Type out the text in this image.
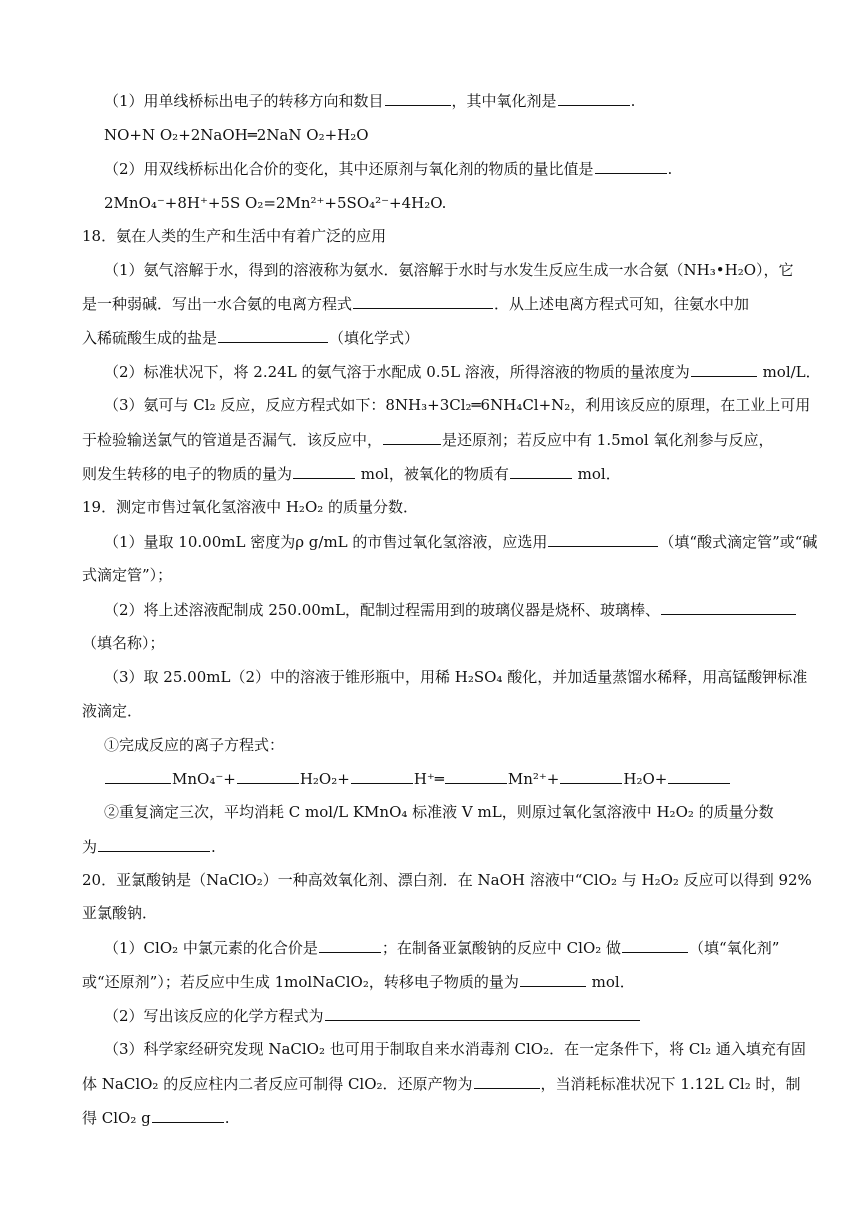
（1）用单线桥标出电子的转移方向和数目	，其中氧化剂是	.
NO+N O₂+2NaOH═2NaN O₂+H₂O
（2）用双线桥标出化合价的变化，其中还原剂与氧化剂的物质的量比值是	.
2MnO₄⁻+8H⁺+5S O₂=2Mn²⁺+5SO₄²⁻+4H₂O.
18．氨在人类的生产和生活中有着广泛的应用
（1）氨气溶解于水，得到的溶液称为氨水．氨溶解于水时与水发生反应生成一水合氨（NH₃•H₂O），它
是一种弱碱．写出一水合氨的电离方程式	．从上述电离方程式可知，往氨水中加
入稀硫酸生成的盐是	（填化学式）
（2）标准状况下，将 2.24L 的氨气溶于水配成 0.5L 溶液，所得溶液的物质的量浓度为	mol/L．
（3）氨可与 Cl₂ 反应，反应方程式如下：8NH₃+3Cl₂═6NH₄Cl+N₂，利用该反应的原理，在工业上可用
于检验输送氯气的管道是否漏气．该反应中，	是还原剂；若反应中有 1.5mol 氧化剂参与反应，
则发生转移的电子的物质的量为	mol，被氧化的物质有	mol．
19．测定市售过氧化氢溶液中 H₂O₂ 的质量分数．
（1）量取 10.00mL 密度为ρ g/mL 的市售过氧化氢溶液，应选用	（填“酸式滴定管”或“碱
式滴定管”）；
（2）将上述溶液配制成 250.00mL，配制过程需用到的玻璃仪器是烧杯、玻璃棒、
（填名称）；
（3）取 25.00mL（2）中的溶液于锥形瓶中，用稀 H₂SO₄ 酸化，并加适量蒸馏水稀释，用高锰酸钾标准
液滴定．
①完成反应的离子方程式：
MnO₄⁻+	H₂O₂+	H⁺═	Mn²⁺+	H₂O+
②重复滴定三次，平均消耗 C mol/L KMnO₄ 标准液 V mL，则原过氧化氢溶液中 H₂O₂ 的质量分数
为	.
20．亚氯酸钠是（NaClO₂）一种高效氧化剂、漂白剂．在 NaOH 溶液中“ClO₂ 与 H₂O₂ 反应可以得到 92%
亚氯酸钠．
（1）ClO₂ 中氯元素的化合价是	；在制备亚氯酸钠的反应中 ClO₂ 做	（填“氧化剂”
或“还原剂”）；若反应中生成 1molNaClO₂，转移电子物质的量为	mol．
（2）写出该反应的化学方程式为
（3）科学家经研究发现 NaClO₂ 也可用于制取自来水消毒剂 ClO₂．在一定条件下，将 Cl₂ 通入填充有固
体 NaClO₂ 的反应柱内二者反应可制得 ClO₂．还原产物为	，当消耗标准状况下 1.12L Cl₂ 时，制
得 ClO₂ g	.
